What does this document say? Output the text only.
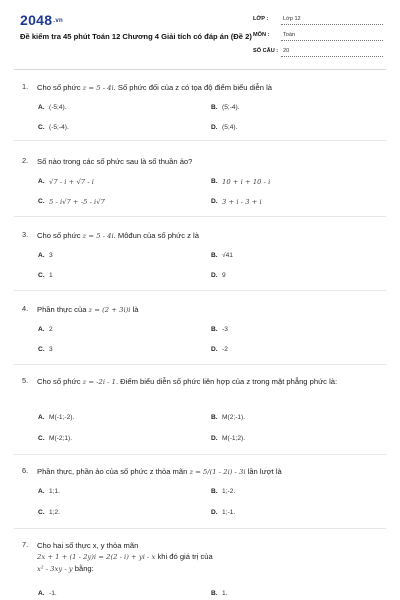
2048.vn
Đề kiểm tra 45 phút Toán 12 Chương 4 Giải tích có đáp án (Đề 2)
LỚP :	Lớp 12
MÔN : Toán
SỐ CÂU : 20
1. Cho số phức z = 5 - 4i. Số phức đối của z có tọa độ điểm biểu diễn là
A. (-5;4).	B. (5;-4).
C. (-5;-4).	D. (5;4).
2. Số nào trong các số phức sau là số thuần ảo?
A. √7 - i + √7 - i	B. 10 + i + 10 - i
C. 5 - i√7 + -5 - i√7	D. 3 + i - 3 + i
3. Cho số phức z = 5 - 4i. Môđun của số phức z là
A. 3	B. √41
C. 1	D. 9
4. Phần thực của z = (2 + 3i)i là
A. 2	B. -3
C. 3	D. -2
5. Cho số phức z = -2i - 1. Điểm biểu diễn số phức liên hợp của z trong mặt phẳng phức là:
A. M(-1;-2).	B. M(2;-1).
C. M(-2;1).	D. M(-1;2).
6. Phần thực, phần ảo của số phức z thỏa mãn z = 5/(1 - 2i) - 3i lần lượt là
A. 1;1.	B. 1;-2.
C. 1;2.	D. 1;-1.
7. Cho hai số thực x, y thỏa mãn
2x + 1 + (1 - 2y)i = 2(2 - i) + yi - x khi đó giá trị của
x² - 3xy - y bằng:
A. -1.	B. 1.
